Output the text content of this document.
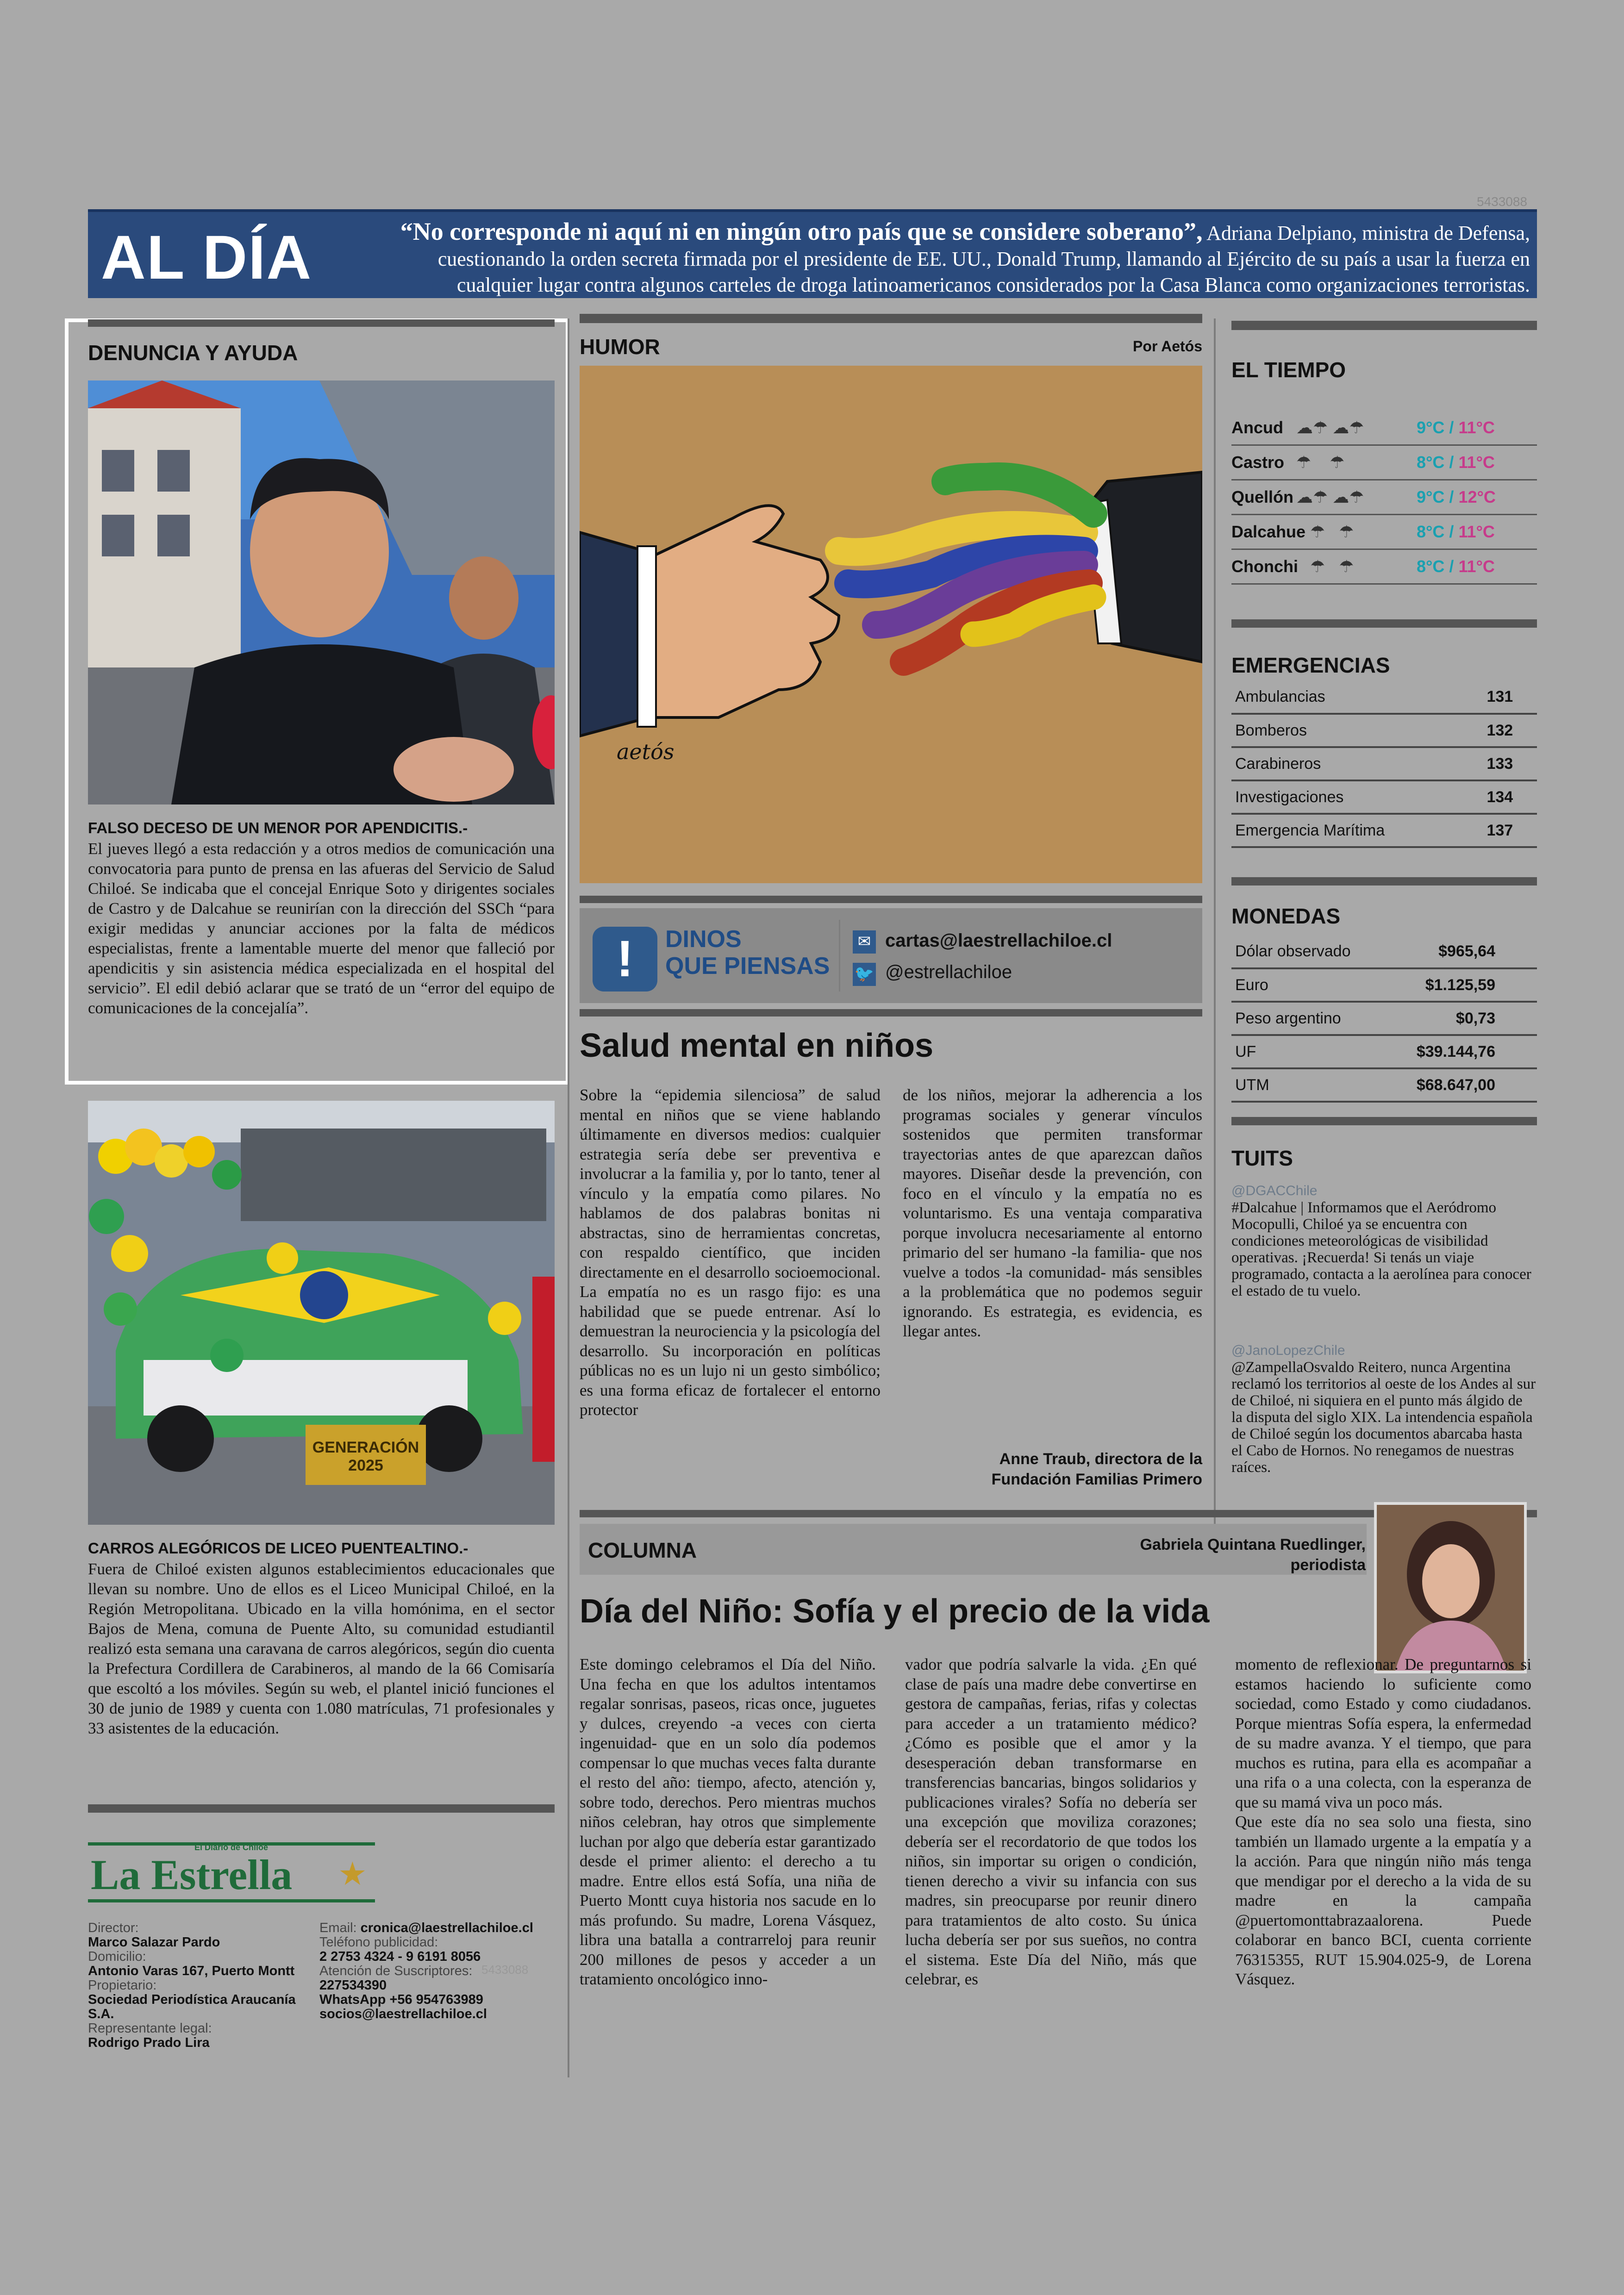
5433088
AL DÍA	“No corresponde ni aquí ni en ningún otro país que se considere soberano”, Adriana Delpiano, ministra de Defensa, cuestionando la orden secreta firmada por el presidente de EE. UU., Donald Trump, llamando al Ejército de su país a usar la fuerza en cualquier lugar contra algunos carteles de droga latinoamericanos considerados por la Casa Blanca como organizaciones terroristas.
DENUNCIA Y AYUDA
FALSO DECESO DE UN MENOR POR APENDICITIS.-
El jueves llegó a esta redacción y a otros medios de comunicación una convocatoria para punto de prensa en las afueras del Servicio de Salud Chiloé. Se indicaba que el concejal Enrique Soto y dirigentes sociales de Castro y de Dalcahue se reunirían con la dirección del SSCh “para exigir medidas y anunciar acciones por la falta de médicos especialistas, frente a lamentable muerte del menor que falleció por apendicitis y sin asistencia médica especializada en el hospital del servicio”. El edil debió aclarar que se trató de un “error del equipo de comunicaciones de la concejalía”.
GENERACIÓN 2025
CARROS ALEGÓRICOS DE LICEO PUENTEALTINO.-
Fuera de Chiloé existen algunos establecimientos educacionales que llevan su nombre. Uno de ellos es el Liceo Municipal Chiloé, en la Región Metropolitana. Ubicado en la villa homónima, en el sector Bajos de Mena, comuna de Puente Alto, su comunidad estudiantil realizó esta semana una caravana de carros alegóricos, según dio cuenta la Prefectura Cordillera de Carabineros, al mando de la 66 Comisaría que escoltó a los móviles. Según su web, el plantel inició funciones el 30 de junio de 1989 y cuenta con 1.080 matrículas, 71 profesionales y 33 asistentes de la educación.
El Diario de Chiloé
La Estrella ★
Director:
Marco Salazar Pardo
Domicilio:
Antonio Varas 167, Puerto Montt
Propietario:
Sociedad Periodística Araucanía S.A.
Representante legal:
Rodrigo Prado Lira
Email: cronica@laestrellachiloe.cl
Teléfono publicidad:
2 2753 4324 - 9 6191 8056
Atención de Suscriptores:
227534390
WhatsApp +56 954763989
socios@laestrellachiloe.cl
5433088
HUMOR	Por Aetós
aetós
!	DINOS
QUE PIENSAS
✉ cartas@laestrellachiloe.cl
🐦 @estrellachiloe
Salud mental en niños
Sobre la “epidemia silenciosa” de salud mental en niños que se viene hablando últimamente en diversos medios: cualquier estrategia sería debe ser preventiva e involucrar a la familia y, por lo tanto, tener al vínculo y la empatía como pilares. No hablamos de dos palabras bonitas ni abstractas, sino de herramientas concretas, con respaldo científico, que inciden directamente en el desarrollo socioemocional. La empatía no es un rasgo fijo: es una habilidad que se puede entrenar. Así lo demuestran la neurociencia y la psicología del desarrollo. Su incorporación en políticas públicas no es un lujo ni un gesto simbólico; es una forma eficaz de fortalecer el entorno protector
de los niños, mejorar la adherencia a los programas sociales y generar vínculos sostenidos que permiten transformar trayectorias antes de que aparezcan daños mayores. Diseñar desde la prevención, con foco en el vínculo y la empatía no es voluntarismo. Es una ventaja comparativa porque involucra necesariamente al entorno primario del ser humano -la familia- que nos vuelve a todos -la comunidad- más sensibles a la problemática que no podemos seguir ignorando. Es estrategia, es evidencia, es llegar antes.
Anne Traub, directora de la
Fundación Familias Primero
EL TIEMPO
Ancud ☁☂ ☁☂	9°C / 11°C
Castro ☂    ☂	8°C / 11°C
Quellón ☁☂ ☁☂	9°C / 12°C
Dalcahue ☂   ☂	8°C / 11°C
Chonchi ☂   ☂	8°C / 11°C
EMERGENCIAS
Ambulancias	131
Bomberos	132
Carabineros	133
Investigaciones	134
Emergencia Marítima	137
MONEDAS
Dólar observado	$965,64
Euro	$1.125,59
Peso argentino	$0,73
UF	$39.144,76
UTM	$68.647,00
TUITS
@DGACChile
#Dalcahue | Informamos que el Aeródromo Mocopulli, Chiloé ya se encuentra con condiciones meteorológicas de visibilidad operativas. ¡Recuerda! Si tenás un viaje programado, contacta a la aerolínea para conocer el estado de tu vuelo.
@JanoLopezChile
@ZampellaOsvaldo Reitero, nunca Argentina reclamó los territorios al oeste de los Andes al sur de Chiloé, ni siquiera en el punto más álgido de la disputa del siglo XIX. La intendencia española de Chiloé según los documentos abarcaba hasta el Cabo de Hornos. No renegamos de nuestras raíces.
COLUMNA	Gabriela Quintana Ruedlinger,
periodista
Día del Niño: Sofía y el precio de la vida
Este domingo celebramos el Día del Niño. Una fecha en que los adultos intentamos regalar sonrisas, paseos, ricas once, juguetes y dulces, creyendo -a veces con cierta ingenuidad- que en un solo día podemos compensar lo que muchas veces falta durante el resto del año: tiempo, afecto, atención y, sobre todo, derechos. Pero mientras muchos niños celebran, hay otros que simplemente luchan por algo que debería estar garantizado desde el primer aliento: el derecho a tu madre. Entre ellos está Sofía, una niña de Puerto Montt cuya historia nos sacude en lo más profundo. Su madre, Lorena Vásquez, libra una batalla a contrarreloj para reunir 200 millones de pesos y acceder a un tratamiento oncológico inno-
vador que podría salvarle la vida. ¿En qué clase de país una madre debe convertirse en gestora de campañas, ferias, rifas y colectas para acceder a un tratamiento médico? ¿Cómo es posible que el amor y la desesperación deban transformarse en transferencias bancarias, bingos solidarios y publicaciones virales? Sofía no debería ser una excepción que moviliza corazones; debería ser el recordatorio de que todos los niños, sin importar su origen o condición, tienen derecho a vivir su infancia con sus madres, sin preocuparse por reunir dinero para tratamientos de alto costo. Su única lucha debería ser por sus sueños, no contra el sistema. Este Día del Niño, más que celebrar, es
momento de reflexionar. De preguntarnos si estamos haciendo lo suficiente como sociedad, como Estado y como ciudadanos. Porque mientras Sofía espera, la enfermedad de su madre avanza. Y el tiempo, que para muchos es rutina, para ella es acompañar a una rifa o a una colecta, con la esperanza de que su mamá viva un poco más.
Que este día no sea solo una fiesta, sino también un llamado urgente a la empatía y a la acción. Para que ningún niño más tenga que mendigar por el derecho a la vida de su madre en la campaña @puertomonttabrazaalorena. Puede colaborar en banco BCI, cuenta corriente 76315355, RUT 15.904.025-9, de Lorena Vásquez.
